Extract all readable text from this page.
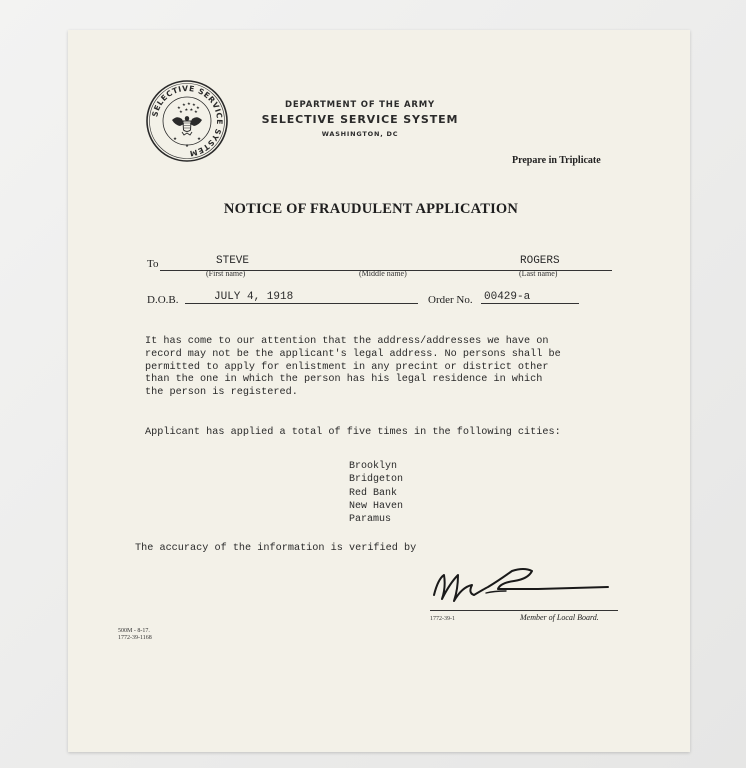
SELECTIVE SERVICE SYSTEM
★
★ ★ ★
★
★ ★ ★ ★
★	★
★
DEPARTMENT OF THE ARMY
SELECTIVE SERVICE SYSTEM
WASHINGTON, DC
Prepare in Triplicate
NOTICE OF FRAUDULENT APPLICATION
To	STEVE	ROGERS
(First name)	(Middle name)	(Last name)
D.O.B.	JULY 4, 1918	Order No. 00429-a
It has come to our attention that the address/addresses we have on
record may not be the applicant's legal address. No persons shall be
permitted to apply for enlistment in any precint or district other
than the one in which the person has his legal residence in which
the person is registered.
Applicant has applied a total of five times in the following cities:
Brooklyn
Bridgeton
Red Bank
New Haven
Paramus
The accuracy of the information is verified by
1772-39-1	Member of Local Board.
500M - 8-17.
1772-39-1168
